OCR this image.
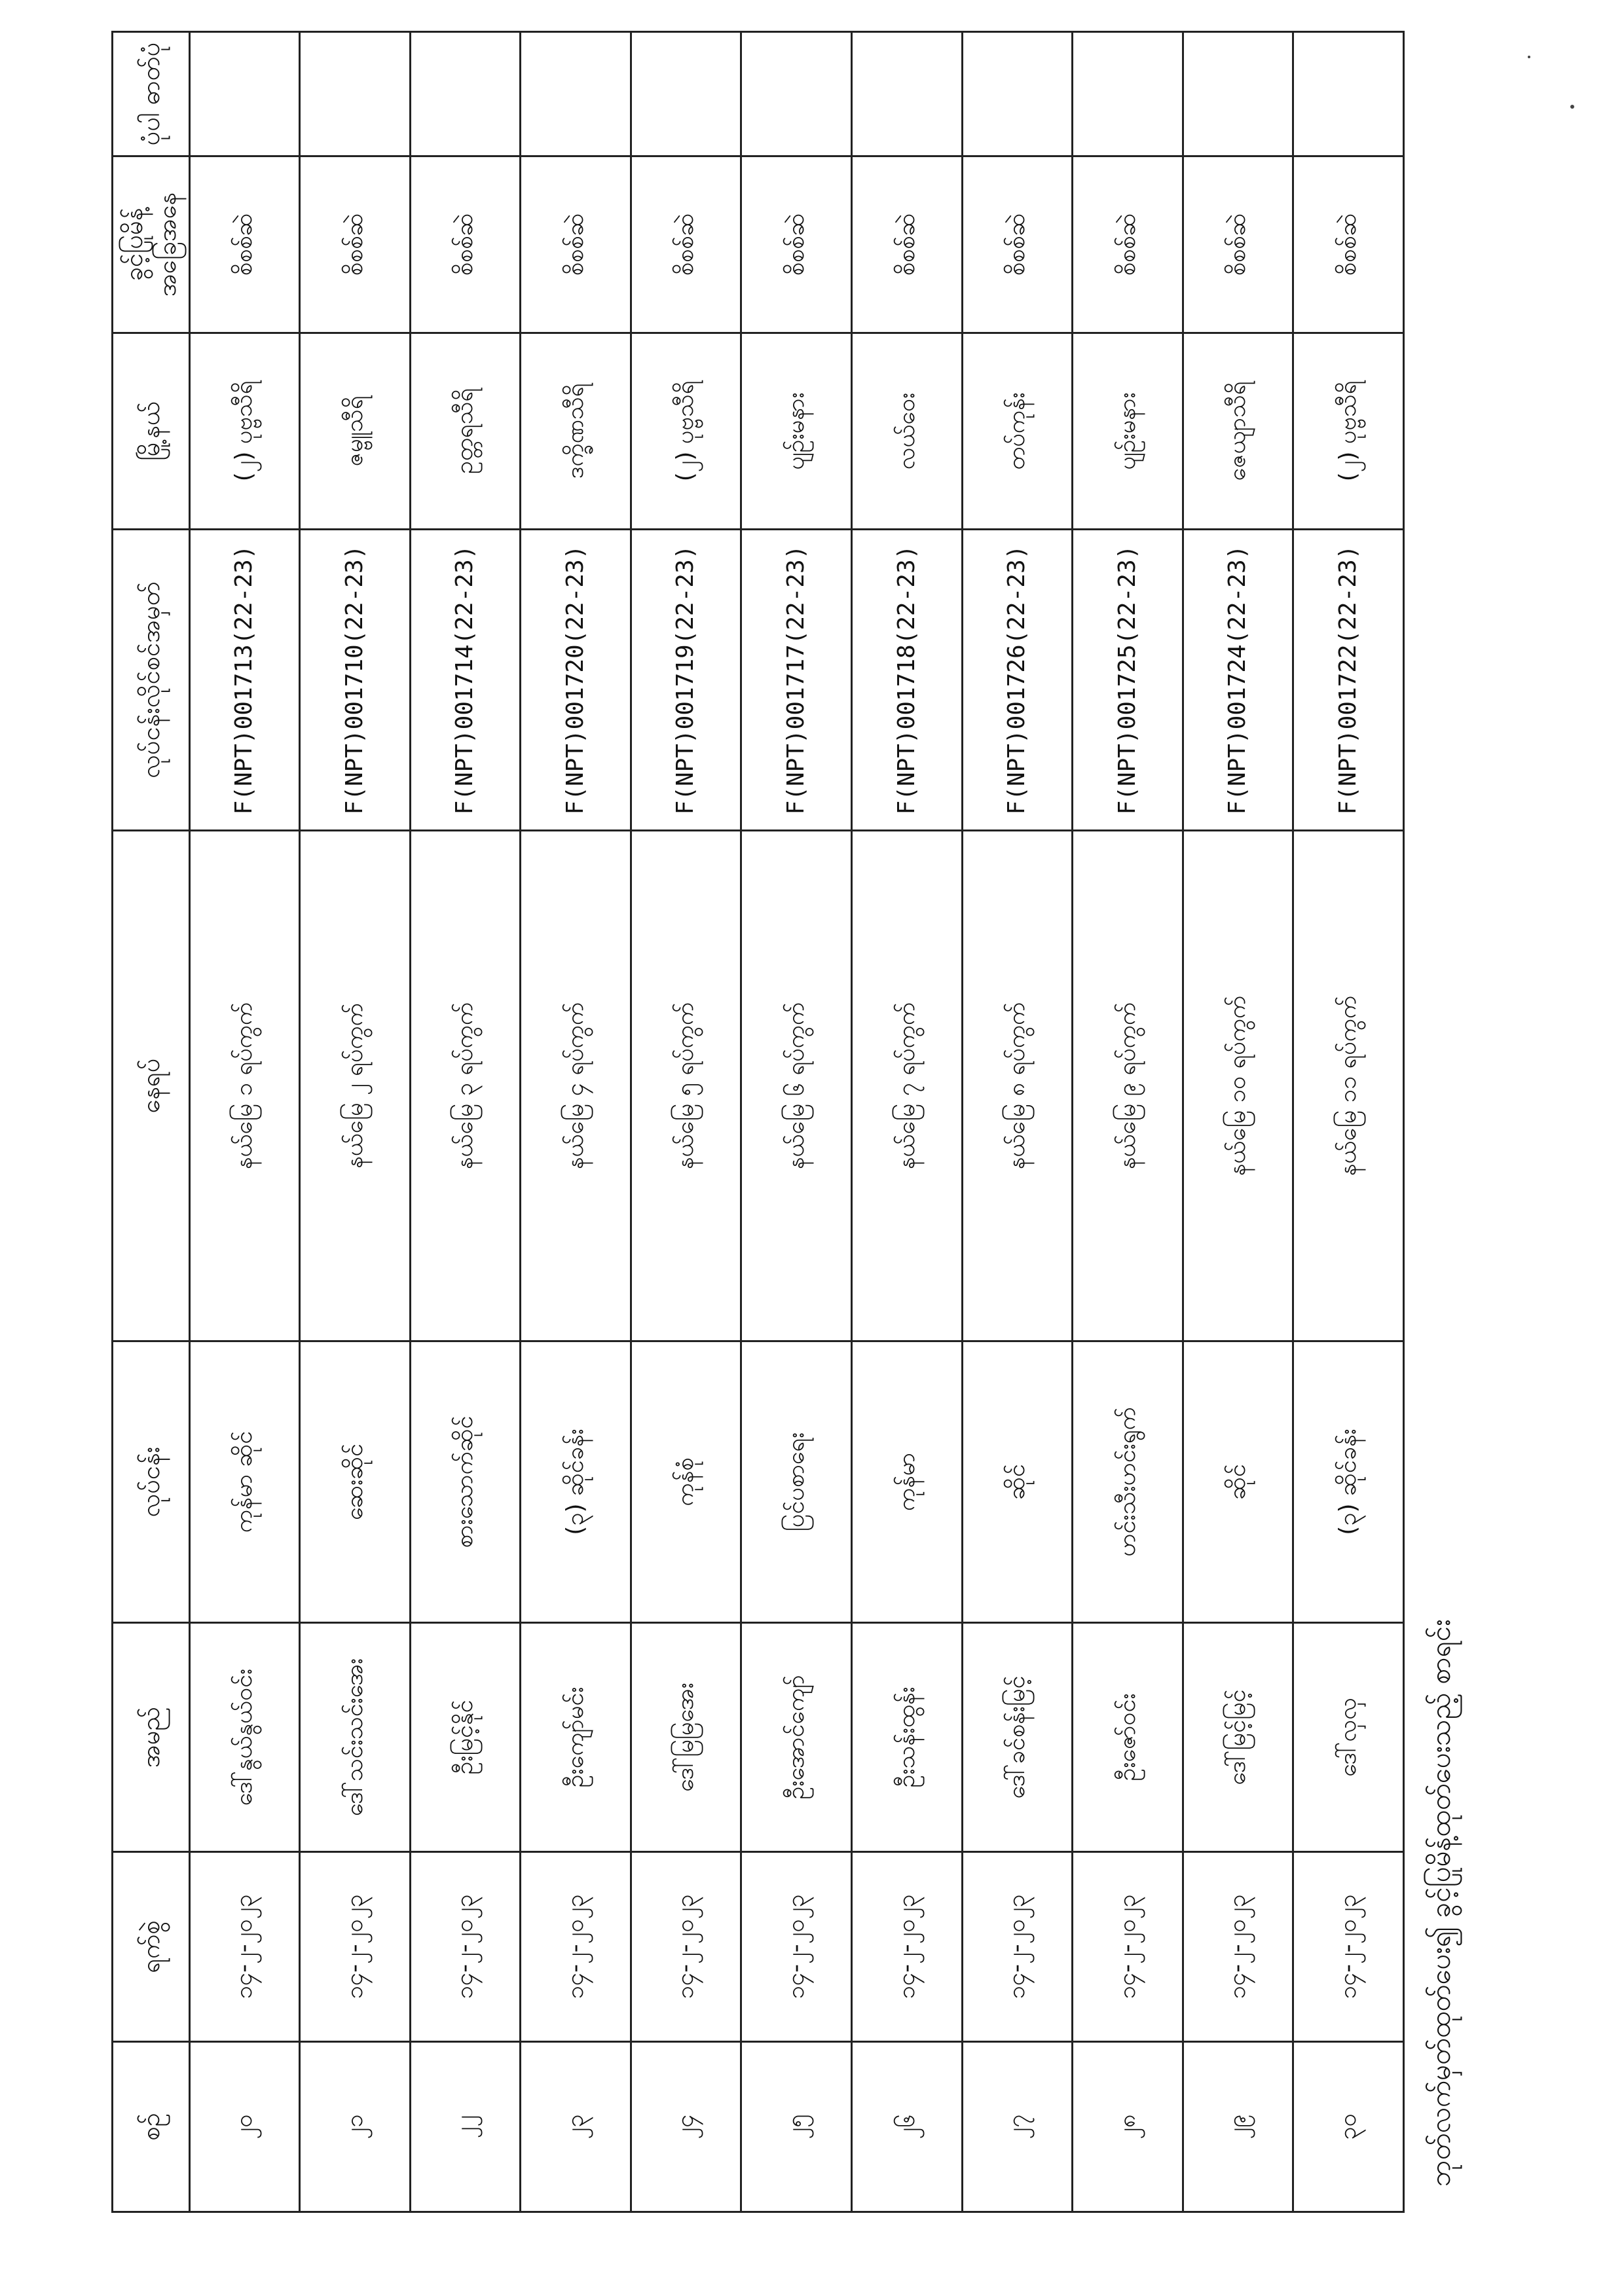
စဉ်	ရက်စွဲ	အမည်	လုပ်ငန်း	နေရပ်	လုပ်ငန်းလိုင်စင်အမှတ်	မြို့နယ်	ခွင့်ပြုမိန့် အခြေအနေ	ပုံပါ ဓာတ်ပုံ
၂၀	၁၄-၂-၂၀၂၃	ဒေါ်နွယ်နွယ်ဝင်း	ကုန်မာ ဆိုင်	နယ်မြေ ၁ ရပ်ကွက်	F(NPT)001713(22-23)	(၂) ပုဗ္ဗသီရိ	စိစစ်ဆဲ	
၂၁	၁၄-၂-၂၀၂၃	ဒေါ်သင်းသင်းအေး	ဆေးဆိုင်	နယ်မြေ ၂ ရပ်ကွက်	F(NPT)001710(22-23)	ဇမ္ဗူသီရိ	စိစစ်ဆဲ	
၂၂	၁၄-၂-၂၀၂၃	ဦးမြင့်နိုင်	စားသောက်ဆိုင်	နယ်မြေ ၃ ရပ်ကွက်	F(NPT)001714(22-23)	ဥတ္တရသီရိ	စိစစ်ဆဲ	
၂၃	၁၄-၂-၂၀၂၃	ဦးကျော်မင်း	(၃) ဆိုင်ခန်း	နယ်မြေ ၄ ရပ်ကွက်	F(NPT)001720(22-23)	ဒက္ခိဏသီရိ	စိစစ်ဆဲ	
၂၄	၁၄-၂-၂၀၂၃	ဒေါ်မြမြအေး	ကုန်စုံ	နယ်မြေ ၅ ရပ်ကွက်	F(NPT)001719(22-23)	(၂) ပုဗ္ဗသီရိ	စိစစ်ဆဲ	
၂၅	၁၄-၂-၂၀၂၃	ဦးအောင်ကျော်	ပြင်ပစာရေး	နယ်မြေ ၆ ရပ်ကွက်	F(NPT)001717(22-23)	ပျဉ်းမနား	စိစစ်ဆဲ	
၂၆	၁၄-၂-၂၀၂၃	ဦးသန်းထွန်း	ကုန်မာ	နယ်မြေ ၇ ရပ်ကွက်	F(NPT)001718(22-23)	လယ်ဝေး	စိစစ်ဆဲ	
၂၇	၁၄-၂-၂၀၂၃	ဒေါ်ခင်စန်းမြင့်	ဆိုင်	နယ်မြေ ၈ ရပ်ကွက်	F(NPT)001726(22-23)	တပ်ကုန်း	စိစစ်ဆဲ	
၂၈	၁၄-၂-၂၀၂၃	ဦးဇော်ဝင်း	ဟင်းသီးဟင်းရွက်	နယ်မြေ ၉ ရပ်ကွက်	F(NPT)001725(22-23)	ပျဉ်းမနား	စိစစ်ဆဲ	
၂၉	၁၄-၂-၂၀၂၃	ဒေါ်မြင့်မြင့်	ဆိုင်	နယ်မြေ ၁၀ ရပ်ကွက်	F(NPT)001724(22-23)	ဇေယျာသီရိ	စိစစ်ဆဲ	
၃၀	၁၄-၂-၂၀၂၃	ဒေါ်လှလှ	(၃) ဆိုင်ခန်း	နယ်မြေ ၁၁ ရပ်ကွက်	F(NPT)001722(22-23)	(၂) ပုဗ္ဗသီရိ	စိစစ်ဆဲ	
ဘုတ်လက်မှတ်ထုတ်ပေး၍ ခွင့်ပြုမိန့်ထုတ်ပေးသည့် စာရင်း
